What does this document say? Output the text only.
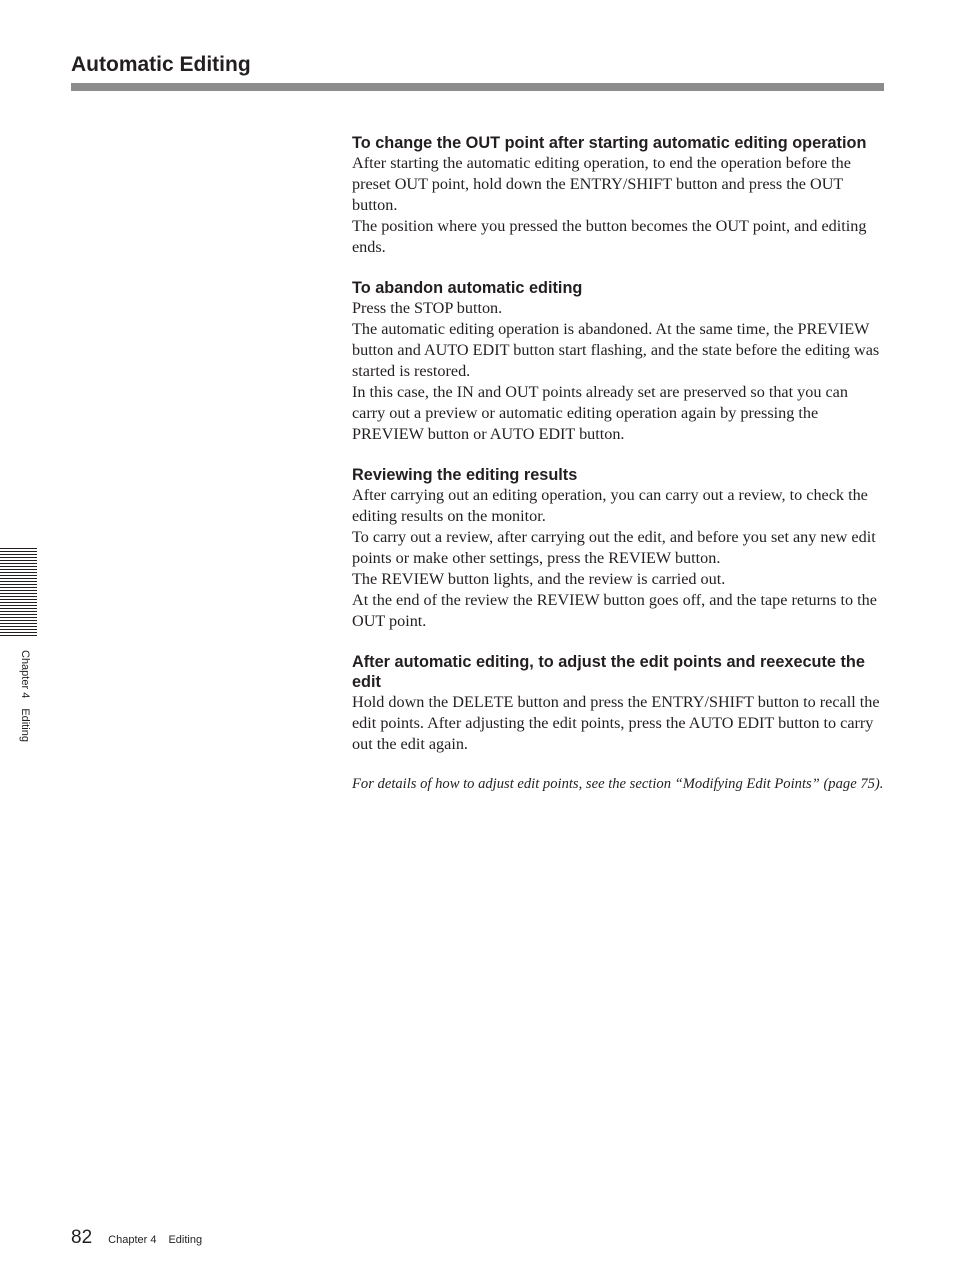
Automatic Editing
To change the OUT point after starting automatic editing operation

After starting the automatic editing operation, to end the operation before the preset OUT point, hold down the ENTRY/SHIFT button and press the OUT button.

The position where you pressed the button becomes the OUT point, and editing ends.

To abandon automatic editing

Press the STOP button.

The automatic editing operation is abandoned. At the same time, the PREVIEW button and AUTO EDIT button start flashing, and the state before the editing was started is restored.

In this case, the IN and OUT points already set are preserved so that you can carry out a preview or automatic editing operation again by pressing the PREVIEW button or AUTO EDIT button.

Reviewing the editing results

After carrying out an editing operation, you can carry out a review, to check the editing results on the monitor.

To carry out a review, after carrying out the edit, and before you set any new edit points or make other settings, press the REVIEW button.

The REVIEW button lights, and the review is carried out.

At the end of the review the REVIEW button goes off, and the tape returns to the OUT point.

After automatic editing, to adjust the edit points and reexecute the edit

Hold down the DELETE button and press the ENTRY/SHIFT button to recall the edit points. After adjusting the edit points, press the AUTO EDIT button to carry out the edit again.

For details of how to adjust edit points, see the section “Modifying Edit Points” (page 75).

Chapter 4Editing
82 Chapter 4 Editing
